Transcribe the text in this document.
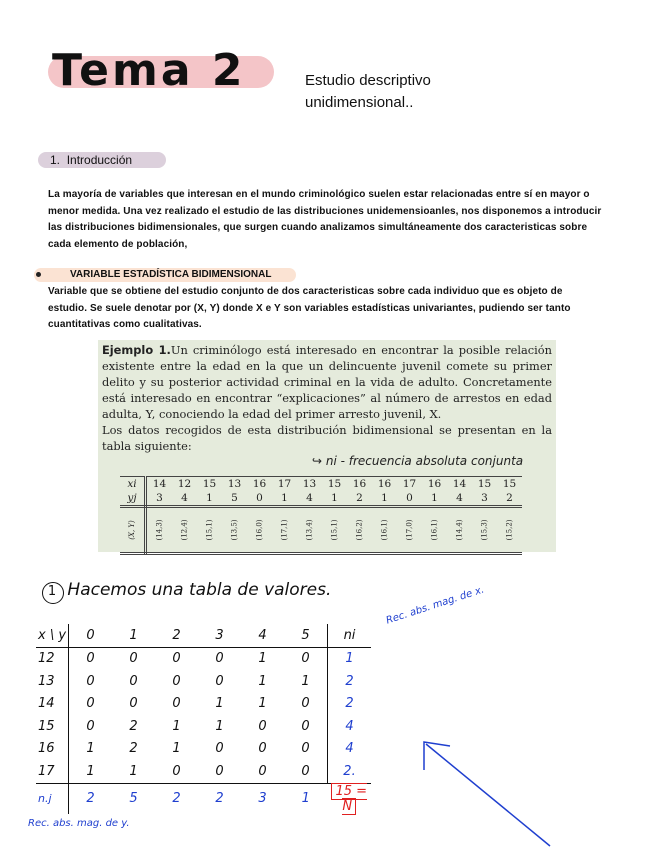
Tema 2	Estudio descriptivo unidimensional..
1. Introducción
La mayoría de variables que interesan en el mundo criminológico suelen estar relacionadas entre sí en mayor o menor medida. Una vez realizado el estudio de las distribuciones unidemensioanles, nos disponemos a introducir las distribuciones bidimensionales, que surgen cuando analizamos simultáneamente dos caracteristicas sobre cada elemento de población,
VARIABLE ESTADÍSTICA BIDIMENSIONAL
Variable que se obtiene del estudio conjunto de dos caracteristicas sobre cada individuo que es objeto de estudio. Se suele denotar por (X, Y) donde X e Y son variables estadísticas univariantes, pudiendo ser tanto cuantitativas como cualitativas.
Ejemplo 1.Un criminólogo está interesado en encontrar la posible relación existente entre la edad en la que un delincuente juvenil comete su primer delito y su posterior actividad criminal en la vida de adulto. Concretamente está interesado en encontrar “explicaciones” al número de arrestos en edad adulta, Y, conociendo la edad del primer arresto juvenil, X.
Los datos recogidos de esta distribución bidimensional se presentan en la tabla siguiente:
↪ ni - frecuencia absoluta conjunta
xi	14	12	15	13	16	17	13	15	16	16	17	16	14	15	15
yj	3	4	1	5	0	1	4	1	2	1	0	1	4	3	2
(X, Y)	(14,3)	(12,4)	(15,1)	(13,5)	(16,0)	(17,1)	(13,4)	(15,1)	(16,2)	(16,1)	(17,0)	(16,1)	(14,4)	(15,3)	(15,2)
1 Hacemos una tabla de valores.	Rec. abs. mag. de x.
x \ y	0	1	2	3	4	5	ni
12	0	0	0	0	1	0	1
13	0	0	0	0	1	1	2
14	0	0	0	1	1	0	2
15	0	2	1	1	0	0	4
16	1	2	1	0	0	0	4
17	1	1	0	0	0	0	2.
n.j	2	5	2	2	3	1	15 = N
Rec. abs. mag. de y.
